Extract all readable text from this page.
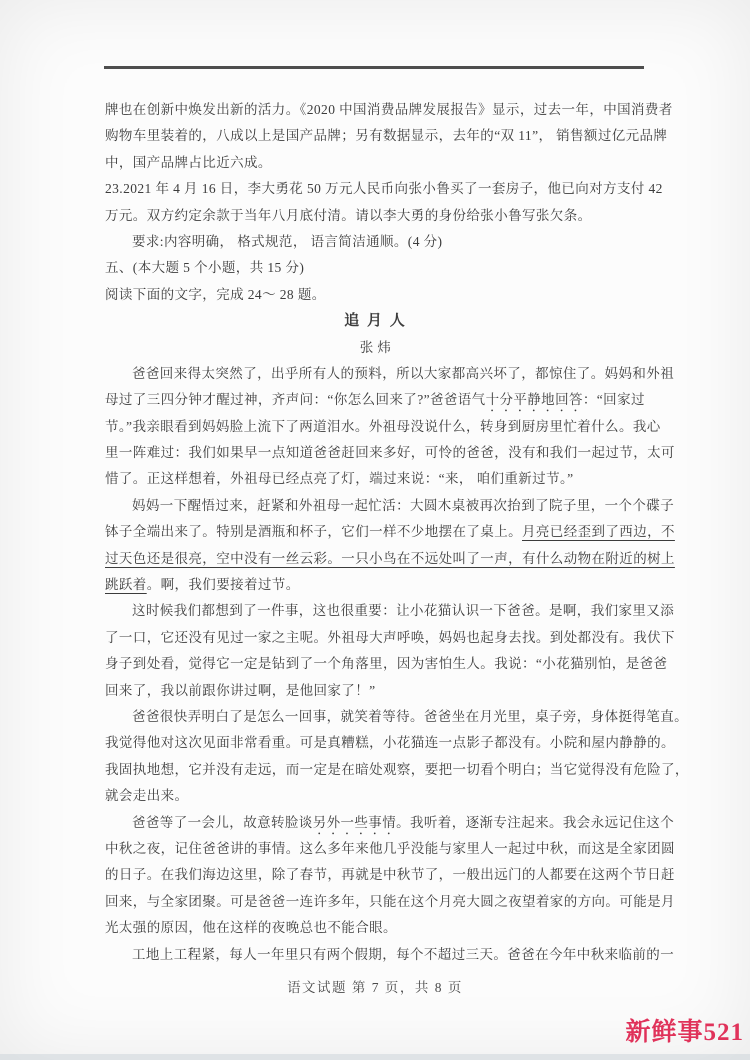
牌也在创新中焕发出新的活力。《2020 中国消费品牌发展报告》显示，过去一年，中国消费者
购物车里装着的，八成以上是国产品牌；另有数据显示，去年的“双 11”， 销售额过亿元品牌
中，国产品牌占比近六成。
23.2021 年 4 月 16 日，李大勇花 50 万元人民币向张小鲁买了一套房子，他已向对方支付 42
万元。双方约定余款于当年八月底付清。请以李大勇的身份给张小鲁写张欠条。
要求:内容明确， 格式规范， 语言简洁通顺。(4 分)
五、(本大题 5 个小题，共 15 分)
阅读下面的文字，完成 24～ 28 题。
追 月 人
张 炜
爸爸回来得太突然了，出乎所有人的预料，所以大家都高兴坏了，都惊住了。妈妈和外祖
母过了三四分钟才醒过神，齐声问：“你怎么回来了?”爸爸语气十分平静地回答：“回家过
节。”我亲眼看到妈妈脸上流下了两道泪水。外祖母没说什么，转身到厨房里忙着什么。我心
里一阵难过：我们如果早一点知道爸爸赶回来多好，可怜的爸爸，没有和我们一起过节，太可
惜了。正这样想着，外祖母已经点亮了灯，端过来说：“来， 咱们重新过节。”
妈妈一下醒悟过来，赶紧和外祖母一起忙活：大圆木桌被再次抬到了院子里，一个个碟子
钵子全端出来了。特别是酒瓶和杯子，它们一样不少地摆在了桌上。月亮已经歪到了西边，不
过天色还是很亮，空中没有一丝云彩。一只小鸟在不远处叫了一声，有什么动物在附近的树上
跳跃着。啊，我们要接着过节。
这时候我们都想到了一件事，这也很重要：让小花猫认识一下爸爸。是啊，我们家里又添
了一口，它还没有见过一家之主呢。外祖母大声呼唤，妈妈也起身去找。到处都没有。我伏下
身子到处看，觉得它一定是钻到了一个角落里，因为害怕生人。我说：“小花猫别怕，是爸爸
回来了，我以前跟你讲过啊，是他回家了！”
爸爸很快弄明白了是怎么一回事，就笑着等待。爸爸坐在月光里，桌子旁，身体挺得笔直。
我觉得他对这次见面非常看重。可是真糟糕，小花猫连一点影子都没有。小院和屋内静静的。
我固执地想，它并没有走远，而一定是在暗处观察，要把一切看个明白；当它觉得没有危险了，
就会走出来。
爸爸等了一会儿，故意转脸谈另外一些事情。我听着，逐渐专注起来。我会永远记住这个
中秋之夜，记住爸爸讲的事情。这么多年来他几乎没能与家里人一起过中秋，而这是全家团圆
的日子。在我们海边这里，除了春节，再就是中秋节了，一般出远门的人都要在这两个节日赶
回来，与全家团聚。可是爸爸一连许多年，只能在这个月亮大圆之夜望着家的方向。可能是月
光太强的原因，他在这样的夜晚总也不能合眼。
工地上工程紧，每人一年里只有两个假期，每个不超过三天。爸爸在今年中秋来临前的一
语文试题 第 7 页，共 8 页
新鲜事521
